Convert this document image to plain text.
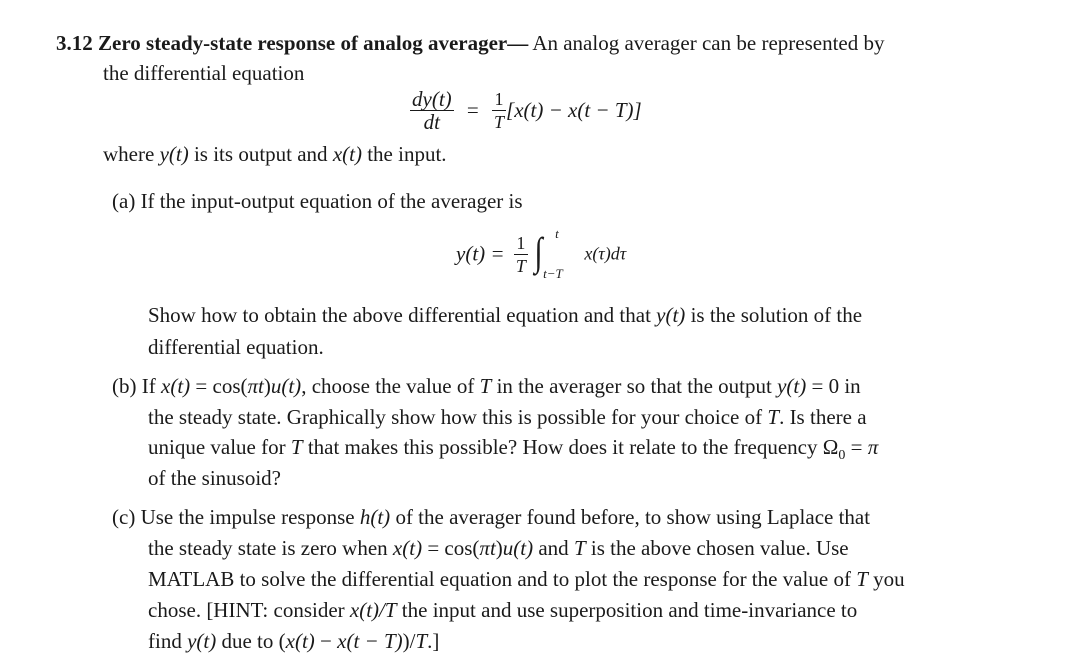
3.12 Zero steady-state response of analog averager— An analog averager can be represented by
the differential equation
$\frac{dy(t)}{dt} = \frac{1}{T} [x(t) - x(t - T)]$
where y(t) is its output and x(t) the input.
(a) If the input-output equation of the averager is
$y(t) = \frac{1}{T}$
∫ t
t−T
x(τ)dτ
Show how to obtain the above differential equation and that y(t) is the solution of the
differential equation.
(b) If x(t) = cos(πt)u(t), choose the value of T in the averager so that the output y(t) = 0 in
the steady state. Graphically show how this is possible for your choice of T. Is there a
unique value for T that makes this possible? How does it relate to the frequency $\Omega_0 = \pi$
of the sinusoid?
(c) Use the impulse response h(t) of the averager found before, to show using Laplace that
the steady state is zero when x(t) = cos(πt)u(t) and T is the above chosen value. Use
MATLAB to solve the differential equation and to plot the response for the value of T you
chose. [HINT: consider x(t)/T the input and use superposition and time-invariance to
find y(t) due to (x(t) − x(t − T))/T.]
